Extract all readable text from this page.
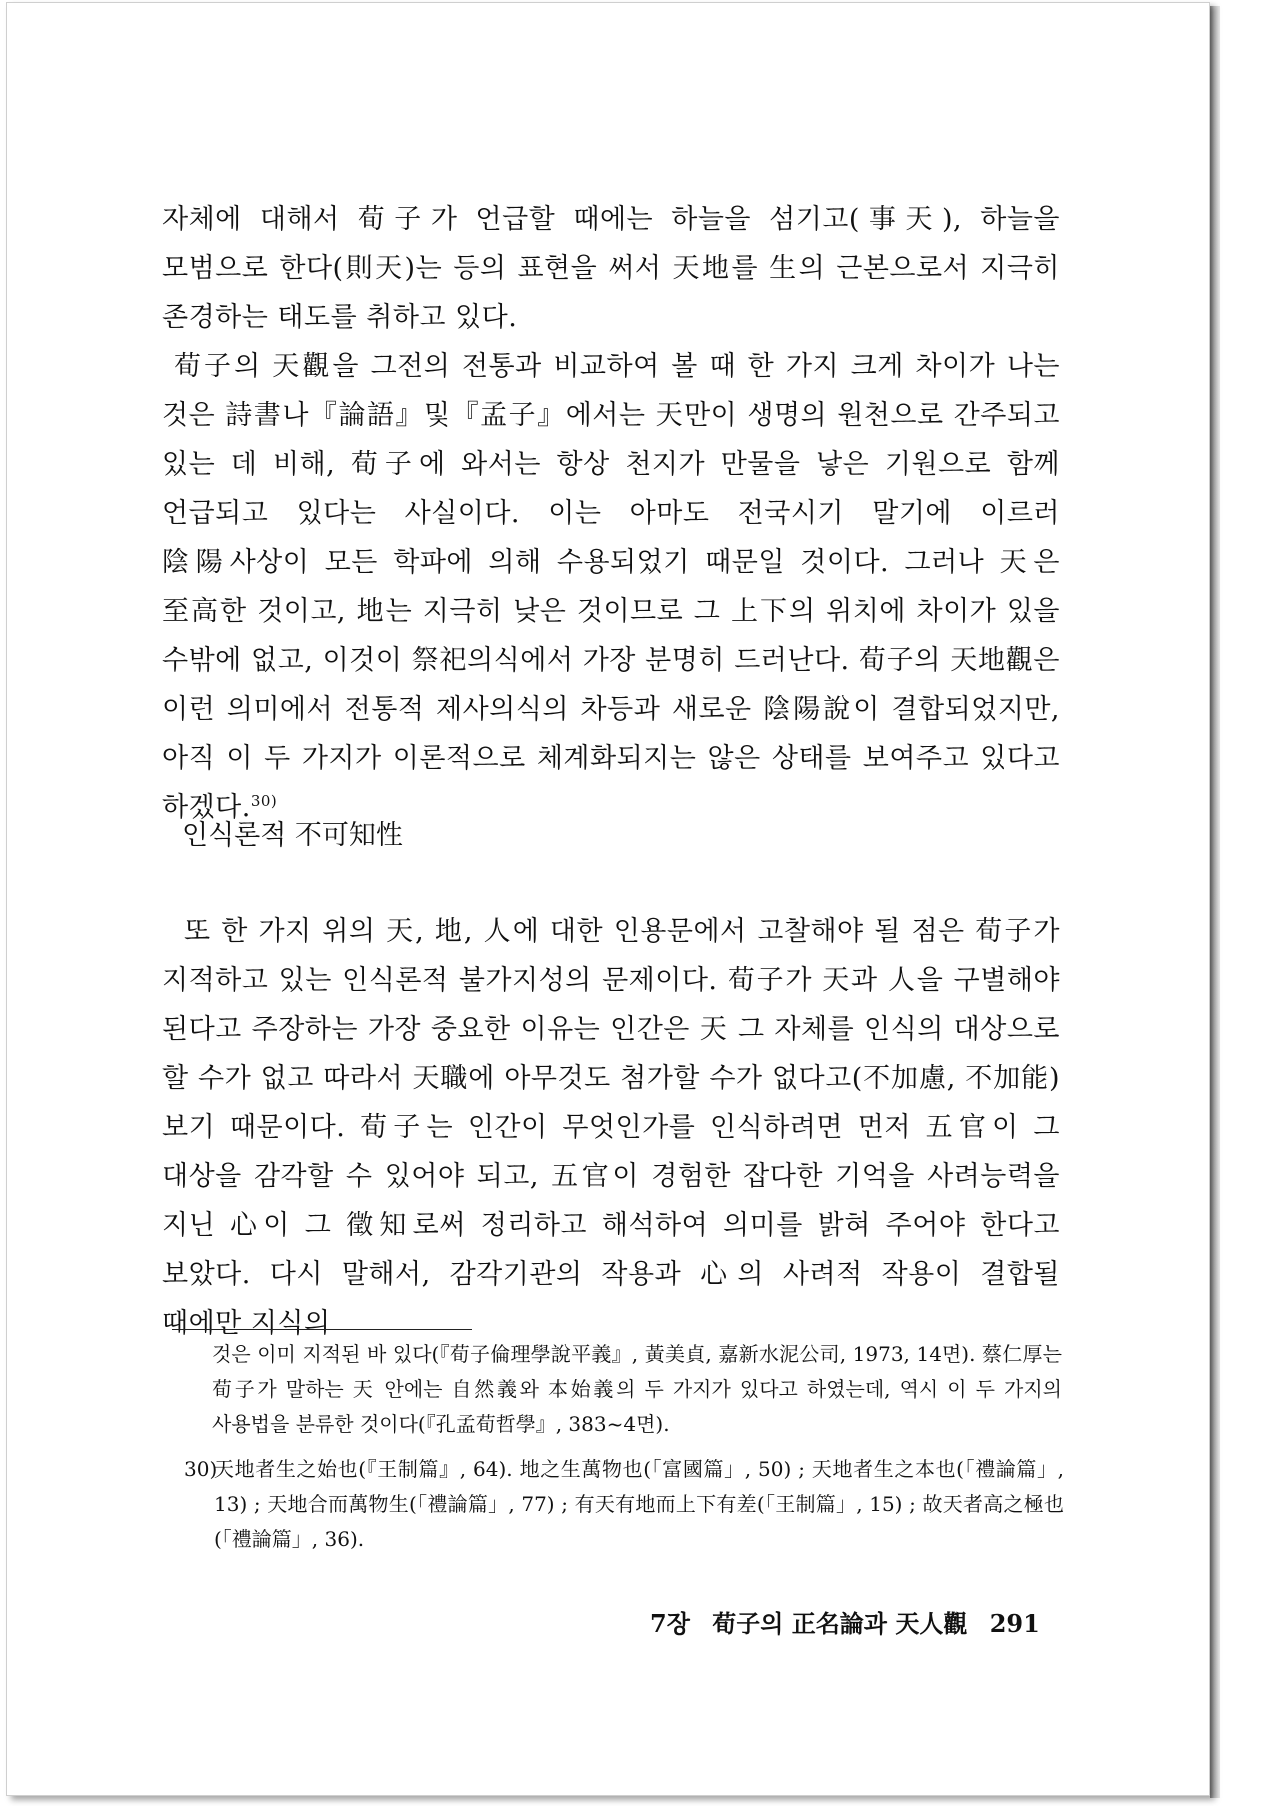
자체에 대해서 荀子가 언급할 때에는 하늘을 섬기고(事天), 하늘을 모범으로 한다(則天)는 등의 표현을 써서 天地를 生의 근본으로서 지극히 존경하는 태도를 취하고 있다.

荀子의 天觀을 그전의 전통과 비교하여 볼 때 한 가지 크게 차이가 나는 것은 詩書나『論語』및『孟子』에서는 天만이 생명의 원천으로 간주되고 있는 데 비해, 荀子에 와서는 항상 천지가 만물을 낳은 기원으로 함께 언급되고 있다는 사실이다. 이는 아마도 전국시기 말기에 이르러 陰陽사상이 모든 학파에 의해 수용되었기 때문일 것이다. 그러나 天은 至高한 것이고, 地는 지극히 낮은 것이므로 그 上下의 위치에 차이가 있을 수밖에 없고, 이것이 祭祀의식에서 가장 분명히 드러난다. 荀子의 天地觀은 이런 의미에서 전통적 제사의식의 차등과 새로운 陰陽說이 결합되었지만, 아직 이 두 가지가 이론적으로 체계화되지는 않은 상태를 보여주고 있다고 하겠다.$^{30)}$

인식론적 不可知性

또 한 가지 위의 天, 地, 人에 대한 인용문에서 고찰해야 될 점은 荀子가 지적하고 있는 인식론적 불가지성의 문제이다. 荀子가 天과 人을 구별해야 된다고 주장하는 가장 중요한 이유는 인간은 天 그 자체를 인식의 대상으로 할 수가 없고 따라서 天職에 아무것도 첨가할 수가 없다고(不加慮, 不加能) 보기 때문이다. 荀子는 인간이 무엇인가를 인식하려면 먼저 五官이 그 대상을 감각할 수 있어야 되고, 五官이 경험한 잡다한 기억을 사려능력을 지닌 心이 그 徵知로써 정리하고 해석하여 의미를 밝혀 주어야 한다고 보았다. 다시 말해서, 감각기관의 작용과 心의 사려적 작용이 결합될 때에만 지식의

것은 이미 지적된 바 있다(『荀子倫理學說平義』, 黃美貞, 嘉新水泥公司, 1973, 14면). 蔡仁厚는 荀子가 말하는 天 안에는 自然義와 本始義의 두 가지가 있다고 하였는데, 역시 이 두 가지의 사용법을 분류한 것이다(『孔孟荀哲學』, 383~4면).

30)
天地者生之始也(『王制篇』, 64). 地之生萬物也(「富國篇」, 50) ; 天地者生之本也(「禮論篇」, 13) ; 天地合而萬物生(「禮論篇」, 77) ; 有天有地而上下有差(「王制篇」, 15) ; 故天者高之極也(「禮論篇」, 36).

7장 荀子의 正名論과 天人觀 291
